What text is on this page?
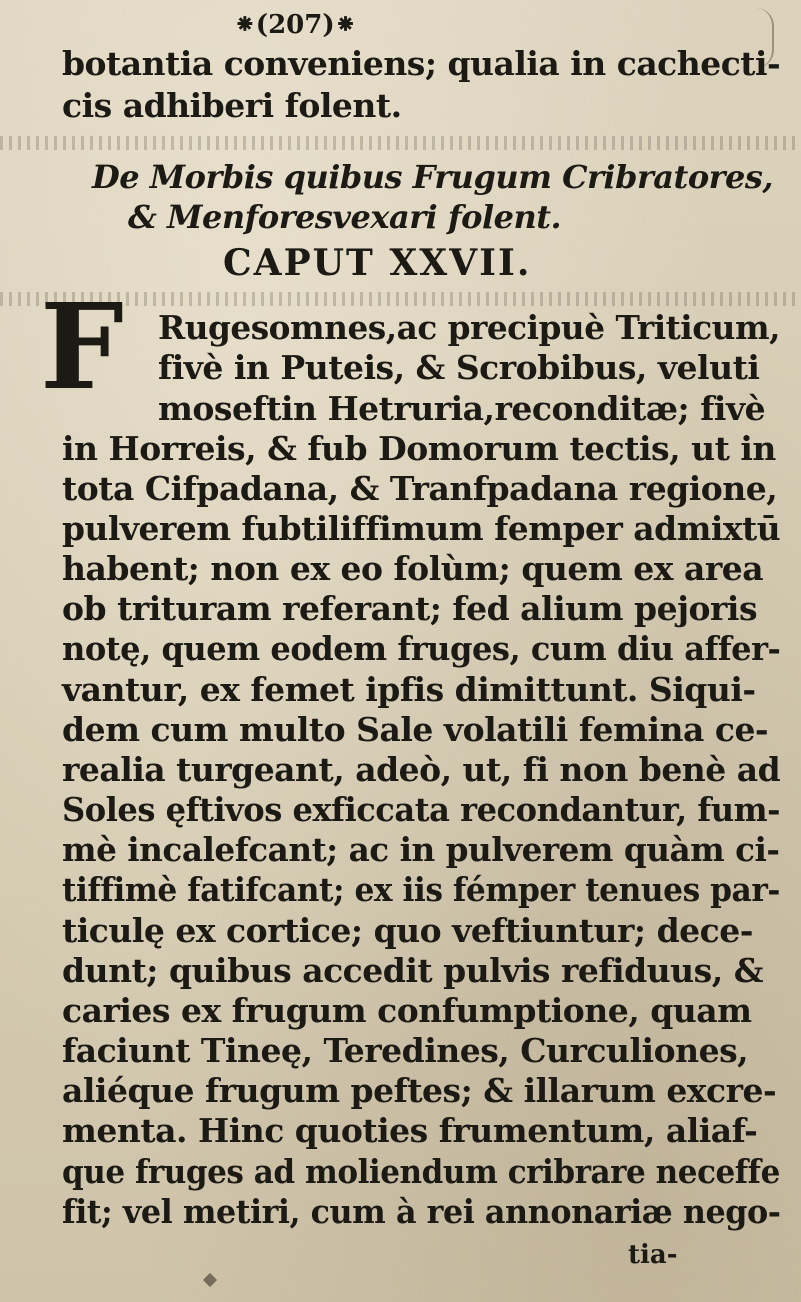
⁕(207)⁕
botantia conveniens; qualia in cachecti-
cis adhiberi folent.
De Morbis quibus Frugum Cribratores,
& Menforesvexari folent.
CAPUT XXVII.
F Rugesomnes,ac precipuè Triticum,
fivè in Puteis, & Scrobibus, veluti
moseftin Hetruria,reconditæ; fivè
in Horreis, & fub Domorum tectis, ut in
tota Cifpadana, & Tranfpadana regione,
pulverem fubtiliffimum femper admixtū
habent; non ex eo folùm; quem ex area
ob trituram referant; fed alium pejoris
notę, quem eodem fruges, cum diu affer-
vantur, ex femet ipfis dimittunt. Siqui-
dem cum multo Sale volatili femina ce-
realia turgeant, adeò, ut, fi non benè ad
Soles ęftivos exficcata recondantur, fum-
mè incalefcant; ac in pulverem quàm ci-
tiffimè fatifcant; ex iis fémper tenues par-
ticulę ex cortice; quo veftiuntur; dece-
dunt; quibus accedit pulvis refiduus, &
caries ex frugum confumptione, quam
faciunt Tineę, Teredines, Curculiones,
aliéque frugum peftes; & illarum excre-
menta. Hinc quoties frumentum, aliaf-
que fruges ad moliendum cribrare neceffe
fit; vel metiri, cum à rei annonariæ nego-
tia-
